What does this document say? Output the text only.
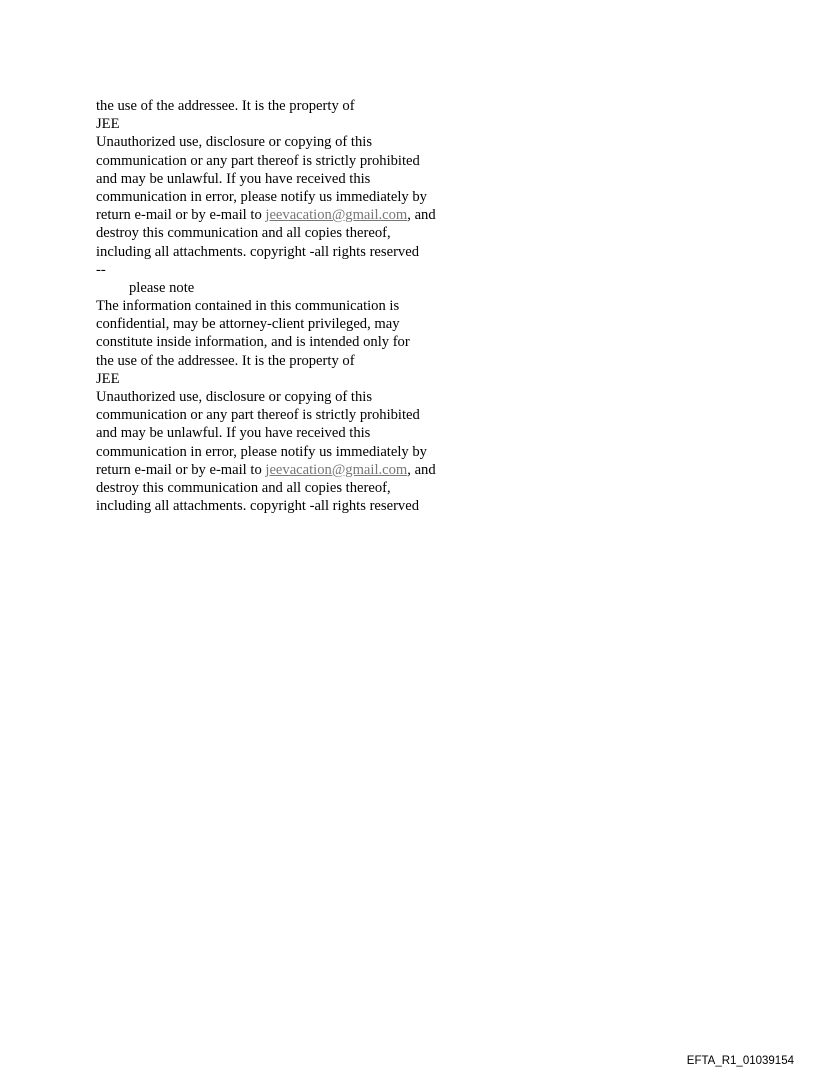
the use of the addressee. It is the property of
JEE
Unauthorized use, disclosure or copying of this
communication or any part thereof is strictly prohibited
and may be unlawful. If you have received this
communication in error, please notify us immediately by
return e-mail or by e-mail to jeevacation@gmail.com, and
destroy this communication and all copies thereof,
including all attachments. copyright -all rights reserved
--
please note
The information contained in this communication is
confidential, may be attorney-client privileged, may
constitute inside information, and is intended only for
the use of the addressee. It is the property of
JEE
Unauthorized use, disclosure or copying of this
communication or any part thereof is strictly prohibited
and may be unlawful. If you have received this
communication in error, please notify us immediately by
return e-mail or by e-mail to jeevacation@gmail.com, and
destroy this communication and all copies thereof,
including all attachments. copyright -all rights reserved
EFTA_R1_01039154
